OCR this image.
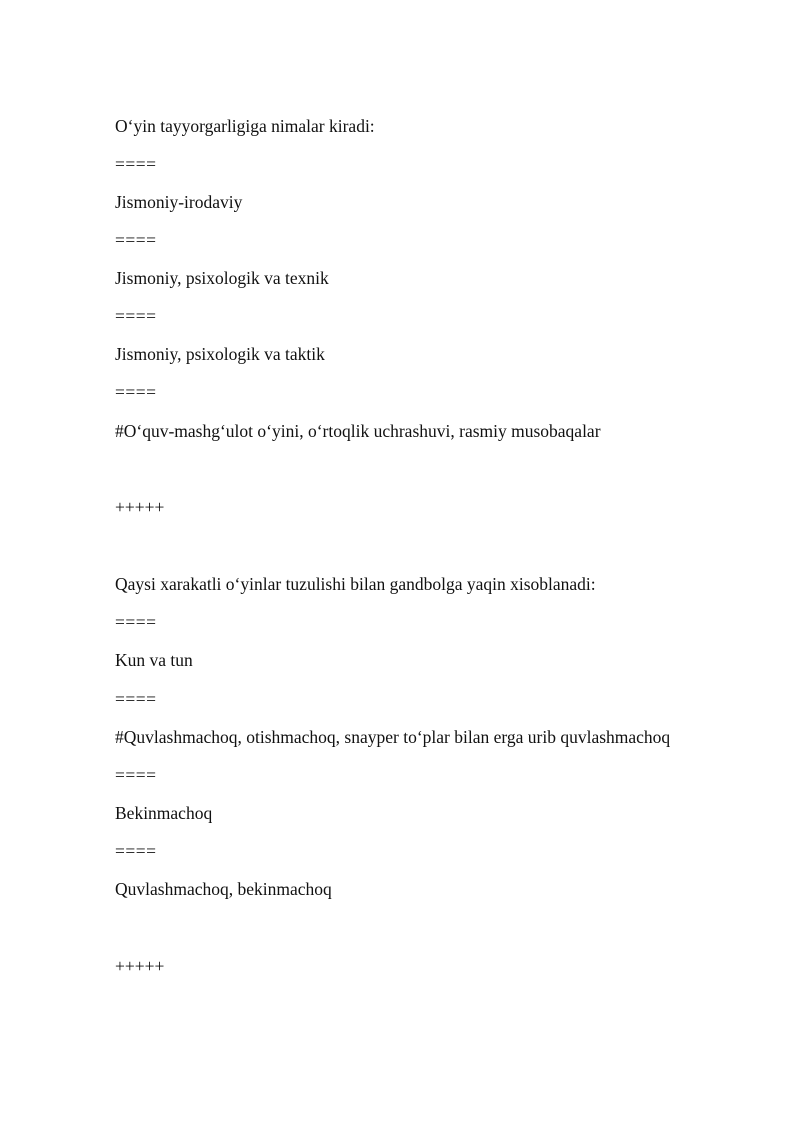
O‘yin tayyorgarligiga nimalar kiradi:
====
Jismoniy-irodaviy
====
Jismoniy, psixologik va texnik
====
Jismoniy, psixologik va taktik
====
#O‘quv-mashg‘ulot o‘yini, o‘rtoqlik uchrashuvi, rasmiy musobaqalar
+++++
Qaysi xarakatli o‘yinlar tuzulishi bilan gandbolga yaqin xisoblanadi:
====
Kun va tun
====
#Quvlashmachoq, otishmachoq, snayper to‘plar bilan erga urib quvlashmachoq
====
Bekinmachoq
====
Quvlashmachoq, bekinmachoq
+++++
